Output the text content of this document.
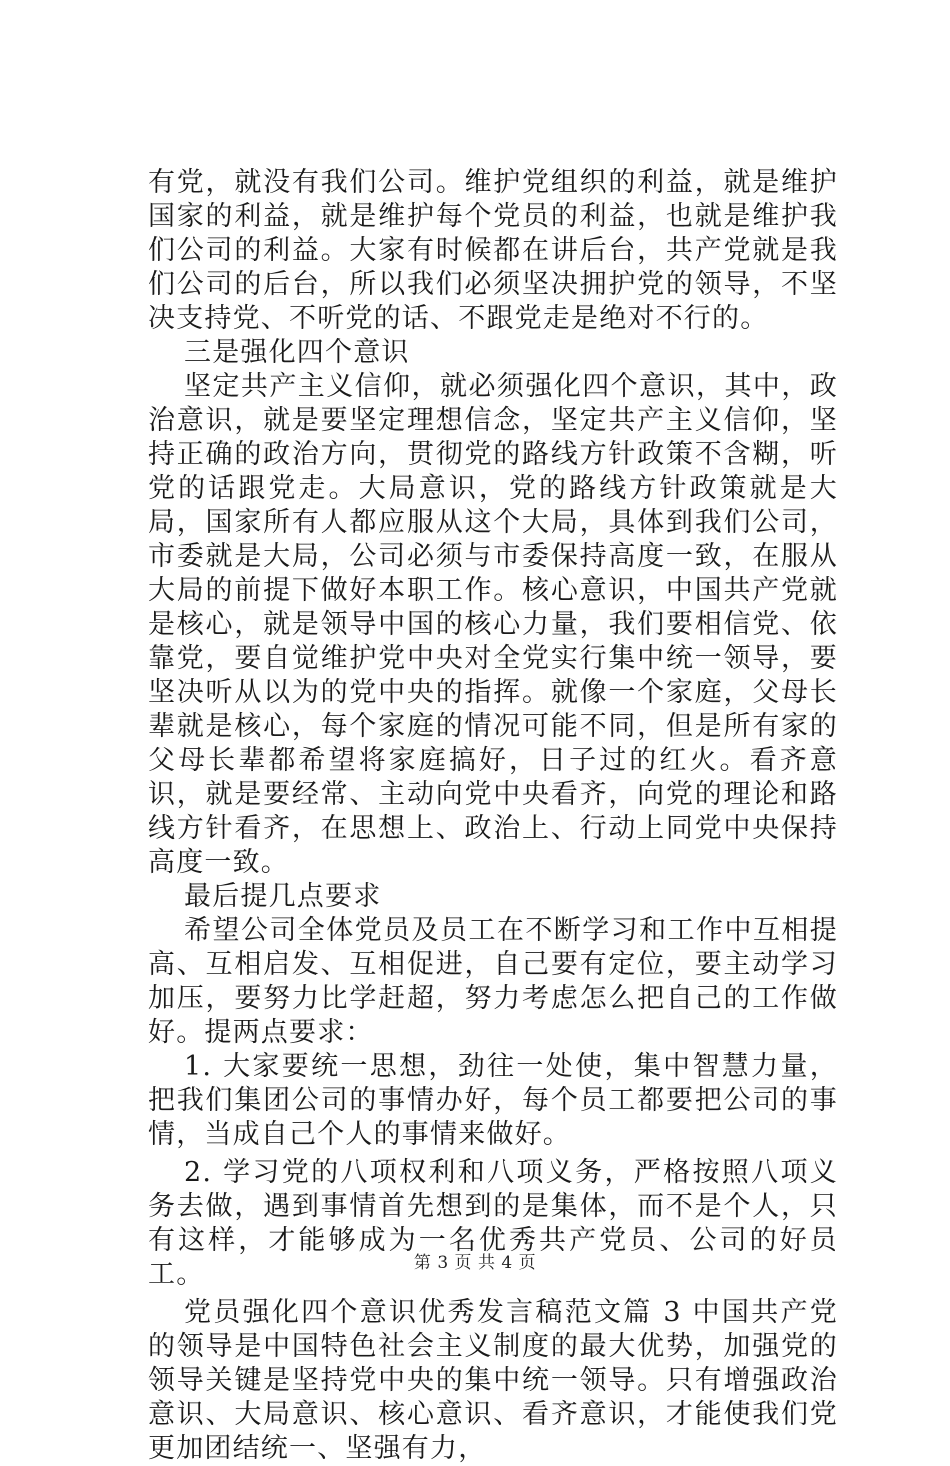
有党，就没有我们公司。维护党组织的利益，就是维护国家的利益，就是维护每个党员的利益，也就是维护我们公司的利益。大家有时候都在讲后台，共产党就是我们公司的后台，所以我们必须坚决拥护党的领导，不坚决支持党、不听党的话、不跟党走是绝对不行的。

三是强化四个意识

坚定共产主义信仰，就必须强化四个意识，其中，政治意识，就是要坚定理想信念，坚定共产主义信仰，坚持正确的政治方向，贯彻党的路线方针政策不含糊，听党的话跟党走。大局意识，党的路线方针政策就是大局，国家所有人都应服从这个大局，具体到我们公司，市委就是大局，公司必须与市委保持高度一致，在服从大局的前提下做好本职工作。核心意识，中国共产党就是核心，就是领导中国的核心力量，我们要相信党、依靠党，要自觉维护党中央对全党实行集中统一领导，要坚决听从以为的党中央的指挥。就像一个家庭，父母长辈就是核心，每个家庭的情况可能不同，但是所有家的父母长辈都希望将家庭搞好，日子过的红火。看齐意识，就是要经常、主动向党中央看齐，向党的理论和路线方针看齐，在思想上、政治上、行动上同党中央保持高度一致。

最后提几点要求

希望公司全体党员及员工在不断学习和工作中互相提高、互相启发、互相促进，自己要有定位，要主动学习加压，要努力比学赶超，努力考虑怎么把自己的工作做好。提两点要求：

1. 大家要统一思想，劲往一处使，集中智慧力量，把我们集团公司的事情办好，每个员工都要把公司的事情，当成自己个人的事情来做好。

2. 学习党的八项权利和八项义务，严格按照八项义务去做，遇到事情首先想到的是集体，而不是个人，只有这样，才能够成为一名优秀共产党员、公司的好员工。

党员强化四个意识优秀发言稿范文篇 3 中国共产党的领导是中国特色社会主义制度的最大优势，加强党的领导关键是坚持党中央的集中统一领导。只有增强政治意识、大局意识、核心意识、看齐意识，才能使我们党更加团结统一、坚强有力，

第 3 页 共 4 页
